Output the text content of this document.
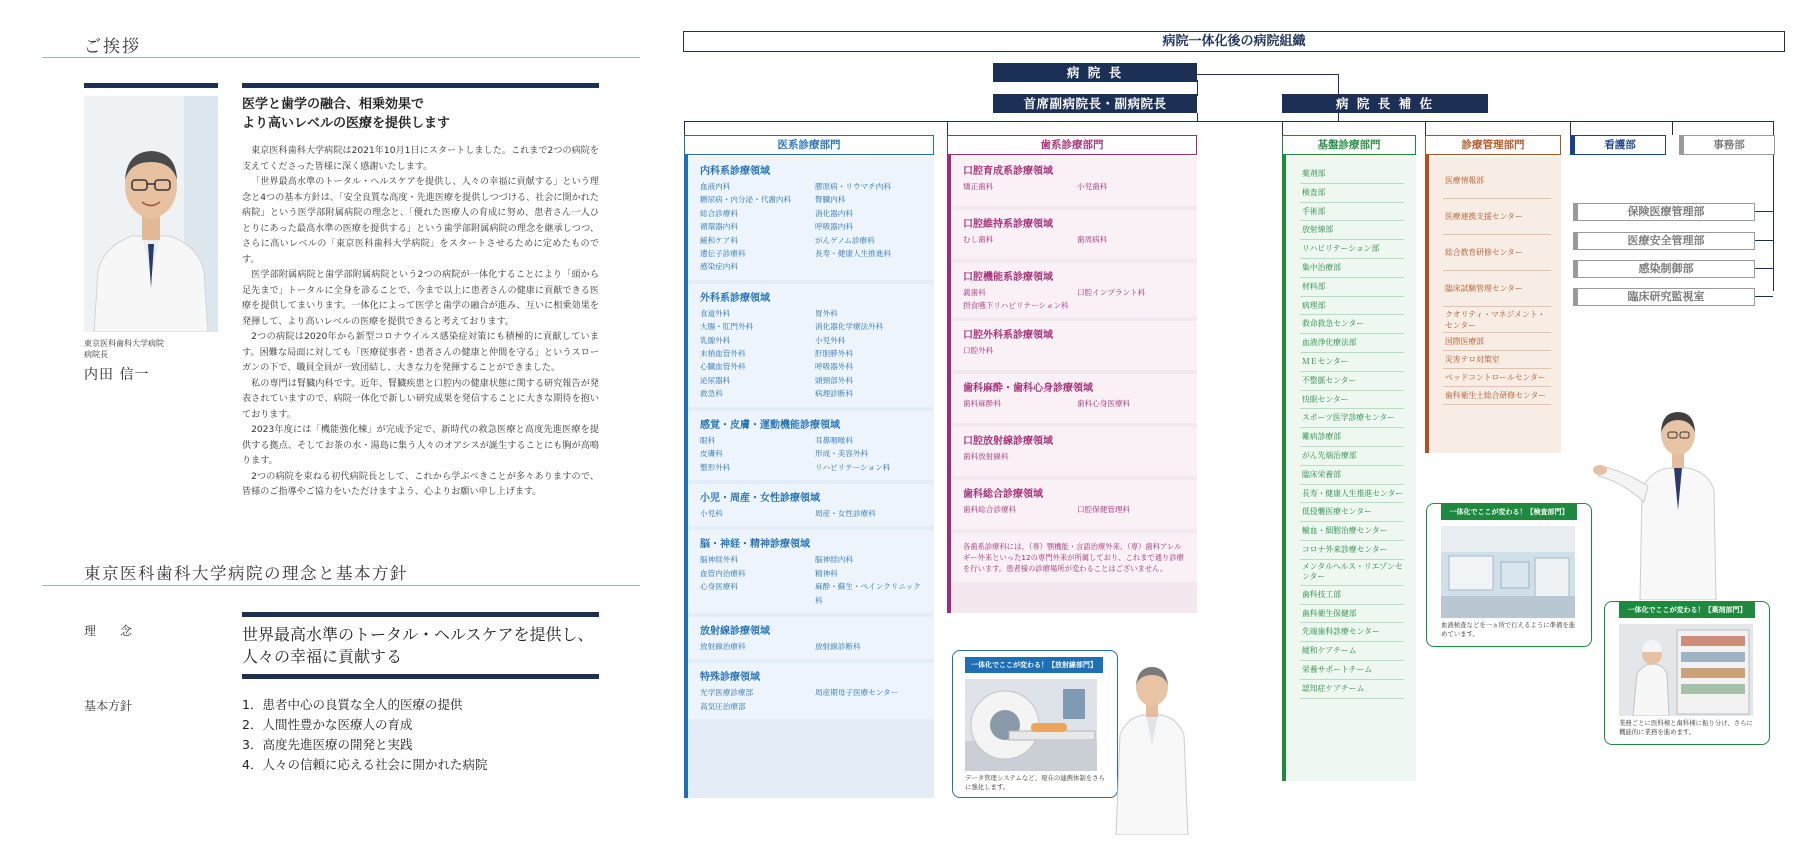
ご挨拶
東京医科歯科大学病院
病院長
内田 信一
医学と歯学の融合、相乗効果で
より高いレベルの医療を提供します

東京医科歯科大学病院は2021年10月1日にスタートしました。これまで2つの病院を支えてくださった皆様に深く感謝いたします。

「世界最高水準のトータル・ヘルスケアを提供し、人々の幸福に貢献する」という理念と4つの基本方針は、「安全良質な高度・先進医療を提供しつづける、社会に開かれた病院」という医学部附属病院の理念と、「優れた医療人の育成に努め、患者さん一人ひとりにあった最高水準の医療を提供する」という歯学部附属病院の理念を継承しつつ、さらに高いレベルの「東京医科歯科大学病院」をスタートさせるために定めたものです。

医学部附属病院と歯学部附属病院という2つの病院が一体化することにより「頭から足先まで」トータルに全身を診ることで、今まで以上に患者さんの健康に貢献できる医療を提供してまいります。一体化によって医学と歯学の融合が進み、互いに相乗効果を発揮して、より高いレベルの医療を提供できると考えております。

2つの病院は2020年から新型コロナウイルス感染症対策にも積極的に貢献しています。困難な局面に対しても「医療従事者・患者さんの健康と仲間を守る」というスローガンの下で、職員全員が一致団結し、大きな力を発揮することができました。

私の専門は腎臓内科です。近年、腎臓疾患と口腔内の健康状態に関する研究報告が発表されていますので、病院一体化で新しい研究成果を発信することに大きな期待を抱いております。

2023年度には「機能強化棟」が完成予定で、新時代の救急医療と高度先進医療を提供する拠点、そしてお茶の水・湯島に集う人々のオアシスが誕生することにも胸が高鳴ります。

2つの病院を束ねる初代病院長として、これから学ぶべきことが多々ありますので、皆様のご指導やご協力をいただけますよう、心よりお願い申し上げます。

東京医科歯科大学病院の理念と基本方針
理　　念	世界最高水準のトータル・ヘルスケアを提供し、
人々の幸福に貢献する
基本方針	1．患者中心の良質な全人的医療の提供
2．人間性豊かな医療人の育成
3．高度先進医療の開発と実践
4．人々の信頼に応える社会に開かれた病院
病院一体化後の病院組織
病 院 長
首席副病院長・副病院長	病 院 長 補 佐
医系診療部門
内科系診療領域
血液内科	膠原病・リウマチ内科
糖尿病・内分泌・代謝内科	腎臓内科
総合診療科	消化器内科
循環器内科	呼吸器内科
緩和ケア科	がんゲノム診療科
遺伝子診療科	長寿・健康人生推進科
感染症内科
外科系診療領域
食道外科	胃外科
大腸・肛門外科	消化器化学療法外科
乳腺外科	小児外科
末梢血管外科	肝胆膵外科
心臓血管外科	呼吸器外科
泌尿器科	頭頸部外科
救急科	病理診断科
感覚・皮膚・運動機能診療領域
眼科	耳鼻咽喉科
皮膚科	形成・美容外科
整形外科	リハビリテーション科
小児・周産・女性診療領域
小児科	周産・女性診療科
脳・神経・精神診療領域
脳神経外科	脳神経内科
血管内治療科	精神科
心身医療科	麻酔・蘇生・ペインクリニック科
放射線診療領域
放射線治療科	放射線診断科
特殊診療領域
光学医療診療部	周産期母子医療センター
高気圧治療部
歯系診療部門
口腔育成系診療領域
矯正歯科	小児歯科
口腔維持系診療領域
むし歯科	歯周病科
口腔機能系診療領域
義歯科	口腔インプラント科
摂食嚥下リハビリテーション科
口腔外科系診療領域
口腔外科
歯科麻酔・歯科心身診療領域
歯科麻酔科	歯科心身医療科
口腔放射線診療領域
歯科放射線科
歯科総合診療領域
歯科総合診療科	口腔保健管理科
各歯系診療科には、（専）顎機能・言語治療外来、（専）歯科アレルギー外来といった12の専門外来が所属しており、これまで通り診療を行います。患者様の診療場所が変わることはございません。
基盤診療部門
薬剤部
検査部
手術部
放射線部
リハビリテーション部
集中治療部
材料部
病理部
救命救急センター
血液浄化療法部
ＭＥセンター
不整脈センター
快眠センター
スポーツ医学診療センター
難病診療部
がん先端治療部
臨床栄養部
長寿・健康人生推進センター
低侵襲医療センター
輸血・細胞治療センター
コロナ外来診療センター
メンタルヘルス・リエゾンセンター
歯科技工部
歯科衛生保健部
先端歯科診療センター
緩和ケアチーム
栄養サポートチーム
認知症ケアチーム
診療管理部門
医療情報部
医療連携支援センター
総合教育研修センター
臨床試験管理センター
クオリティ・マネジメント・センター
国際医療部
災害テロ対策室
ベッドコントロールセンター
歯科衛生士総合研修センター
看護部	事務部
保険医療管理部
医療安全管理部
感染制御部
臨床研究監視室
一体化でここが変わる！【放射線部門】
データ管理システムなど、現在の連携体制をさらに強化します。
一体化でここが変わる！【検査部門】
血液検査などを一ヵ所で行えるように準備を進めています。
一体化でここが変わる！【薬剤部門】
業務ごとに医科棟と歯科棟に振り分け、さらに機能的に業務を進めます。
